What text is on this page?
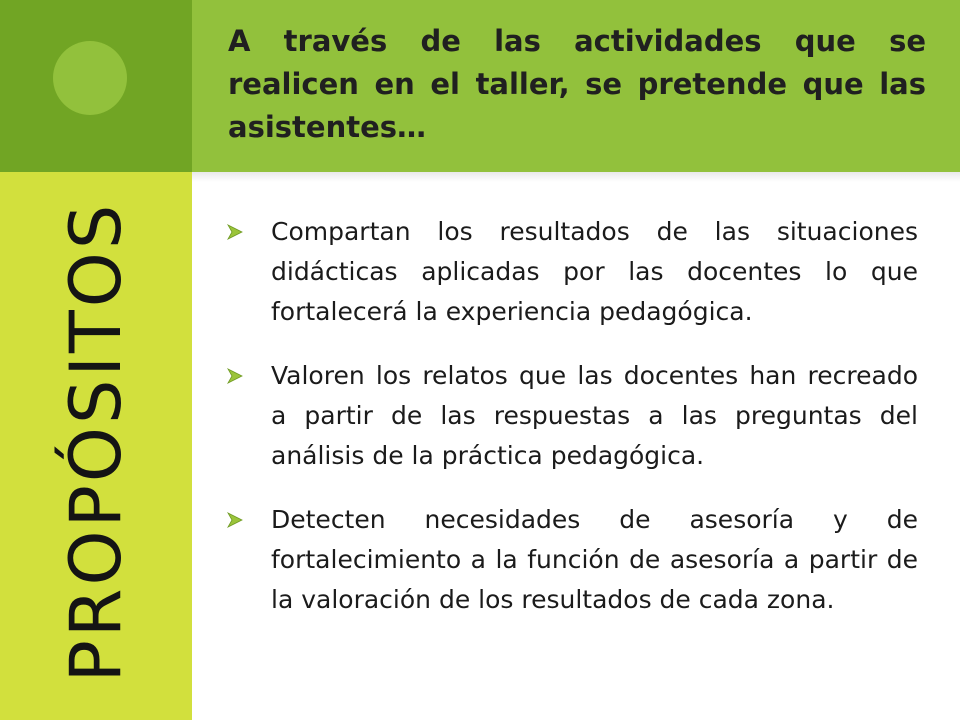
PROPÓSITOS
A través de las actividades que se realicen en el taller, se pretende que las asistentes…
Compartan los resultados de las situaciones didácticas aplicadas por las docentes lo que fortalecerá la experiencia pedagógica.
Valoren los relatos que las docentes han recreado a partir de las respuestas a las preguntas del análisis de la práctica pedagógica.
Detecten necesidades de asesoría y de fortalecimiento a la función de asesoría a partir de la valoración de los resultados de cada zona.
